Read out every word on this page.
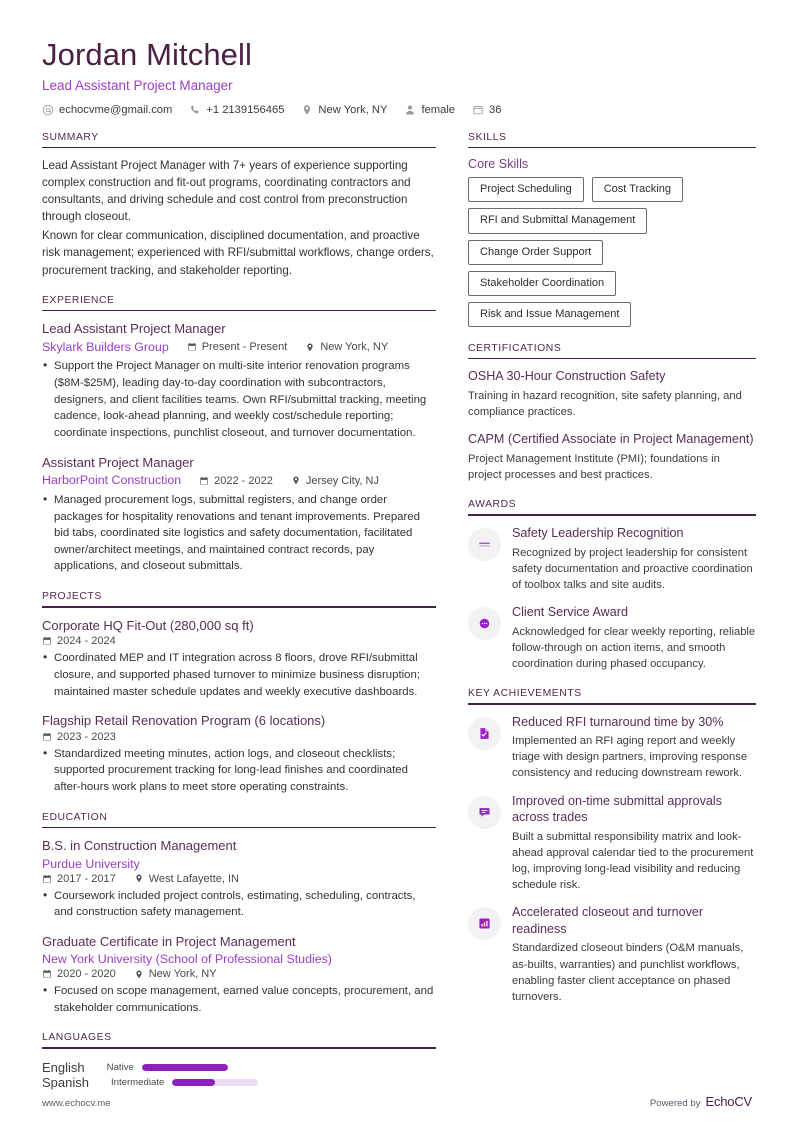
Jordan Mitchell
Lead Assistant Project Manager
echocvme@gmail.com	+1 2139156465	New York, NY	female	36
SUMMARY

Lead Assistant Project Manager with 7+ years of experience supporting complex construction and fit-out programs, coordinating contractors and consultants, and driving schedule and cost control from preconstruction through closeout.

Known for clear communication, disciplined documentation, and proactive risk management; experienced with RFI/submittal workflows, change orders, procurement tracking, and stakeholder reporting.

EXPERIENCE
Lead Assistant Project Manager
Skylark Builders Group	Present - Present	New York, NY
• Support the Project Manager on multi-site interior renovation programs ($8M-$25M), leading day-to-day coordination with subcontractors, designers, and client facilities teams. Own RFI/submittal tracking, meeting cadence, look-ahead planning, and weekly cost/schedule reporting; coordinate inspections, punchlist closeout, and turnover documentation.
Assistant Project Manager
HarborPoint Construction	2022 - 2022	Jersey City, NJ
• Managed procurement logs, submittal registers, and change order packages for hospitality renovations and tenant improvements. Prepared bid tabs, coordinated site logistics and safety documentation, facilitated owner/architect meetings, and maintained contract records, pay applications, and closeout submittals.
PROJECTS
Corporate HQ Fit-Out (280,000 sq ft)
2024 - 2024
• Coordinated MEP and IT integration across 8 floors, drove RFI/submittal closure, and supported phased turnover to minimize business disruption; maintained master schedule updates and weekly executive dashboards.
Flagship Retail Renovation Program (6 locations)
2023 - 2023
• Standardized meeting minutes, action logs, and closeout checklists; supported procurement tracking for long-lead finishes and coordinated after-hours work plans to meet store operating constraints.
EDUCATION
B.S. in Construction Management
Purdue University
2017 - 2017	West Lafayette, IN
• Coursework included project controls, estimating, scheduling, contracts, and construction safety management.
Graduate Certificate in Project Management
New York University (School of Professional Studies)
2020 - 2020	New York, NY
• Focused on scope management, earned value concepts, procurement, and stakeholder communications.
LANGUAGES
English Native
Spanish Intermediate
SKILLS
Core Skills
Project Scheduling	Cost Tracking
RFI and Submittal Management
Change Order Support
Stakeholder Coordination
Risk and Issue Management
CERTIFICATIONS
OSHA 30-Hour Construction Safety

Training in hazard recognition, site safety planning, and compliance practices.

CAPM (Certified Associate in Project Management)

Project Management Institute (PMI); foundations in project processes and best practices.

AWARDS
Safety Leadership Recognition

Recognized by project leadership for consistent safety documentation and proactive coordination of toolbox talks and site audits.

Client Service Award

Acknowledged for clear weekly reporting, reliable follow-through on action items, and smooth coordination during phased occupancy.

KEY ACHIEVEMENTS
Reduced RFI turnaround time by 30%

Implemented an RFI aging report and weekly triage with design partners, improving response consistency and reducing downstream rework.

Improved on-time submittal approvals across trades

Built a submittal responsibility matrix and look-ahead approval calendar tied to the procurement log, improving long-lead visibility and reducing schedule risk.

Accelerated closeout and turnover readiness

Standardized closeout binders (O&M manuals, as-builts, warranties) and punchlist workflows, enabling faster client acceptance on phased turnovers.

www.echocv.me	Powered by EchoCV
